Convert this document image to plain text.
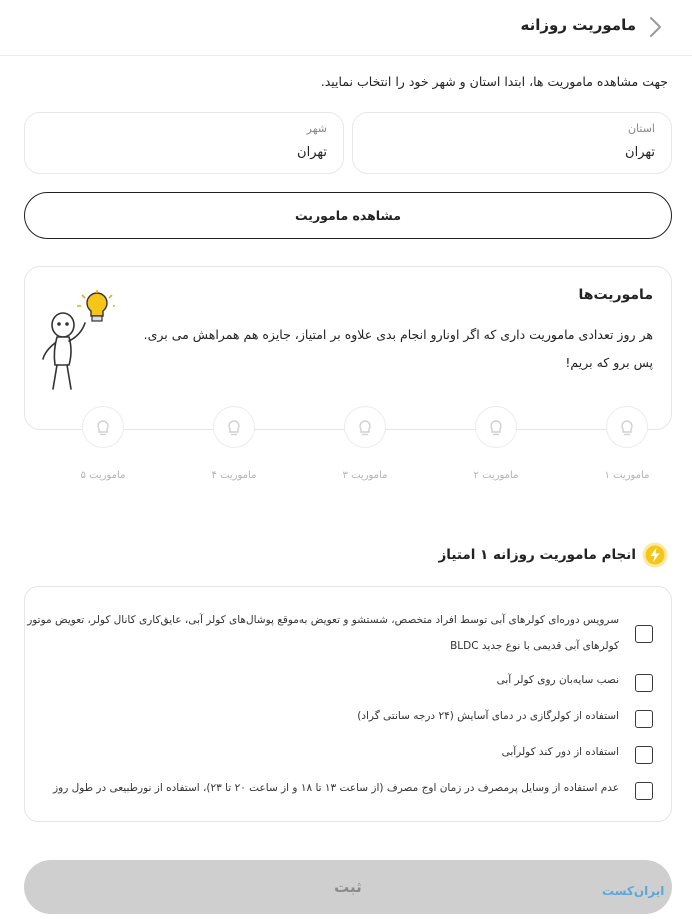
ماموریت روزانه
جهت مشاهده ماموریت ها، ابتدا استان و شهر خود را انتخاب نمایید.
استان
تهران
شهر
تهران
مشاهده ماموریت
ماموریت‌ها
هر روز تعدادی ماموریت داری که اگر اونارو انجام بدی علاوه بر امتیاز، جایزه هم همراهش می بری. پس برو که بریم!
ماموریت ۱
ماموریت ۲
ماموریت ۳
ماموریت ۴
ماموریت ۵
انجام ماموریت روزانه ۱ امتیاز
سرویس دوره‌ای کولرهای آبی توسط افراد متخصص، شستشو و تعویض به‌موقع پوشال‌های کولر آبی، عایق‌کاری کانال کولر، تعویض موتور
کولرهای آبی قدیمی با نوع جدید BLDC
نصب سایه‌بان روی کولر آبی
استفاده از کولرگازی در دمای آسایش (۲۴ درجه سانتی گراد)
استفاده از دور کند کولرآبی
عدم استفاده از وسایل پرمصرف در زمان اوج مصرف (از ساعت ۱۳ تا ۱۸ و از ساعت ۲۰ تا ۲۳)، استفاده از نورطبیعی در طول روز
ثبت	ایران‌کست
